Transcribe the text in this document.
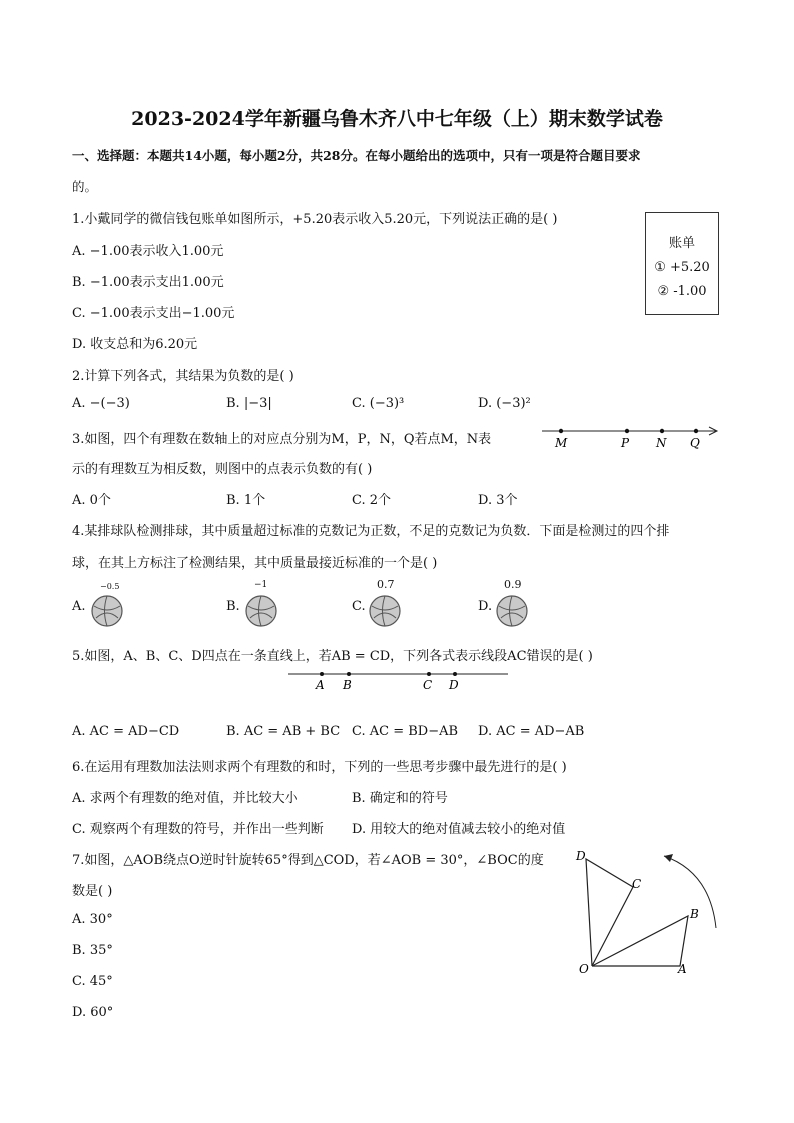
2023-2024学年新疆乌鲁木齐八中七年级（上）期末数学试卷
一、选择题：本题共14小题，每小题2分，共28分。在每小题给出的选项中，只有一项是符合题目要求
的。
1.小戴同学的微信钱包账单如图所示，+5.20表示收入5.20元，下列说法正确的是( )
A. −1.00表示收入1.00元
B. −1.00表示支出1.00元
C. −1.00表示支出−1.00元
D. 收支总和为6.20元
账单
① +5.20
② -1.00
2.计算下列各式，其结果为负数的是( )
A. −(−3)	B. |−3|	C. (−3)³	D. (−3)²
3.如图，四个有理数在数轴上的对应点分别为M，P，N，Q若点M，N表
示的有理数互为相反数，则图中的点表示负数的有( )
M	P N Q
A. 0个	B. 1个	C. 2个	D. 3个
4.某排球队检测排球，其中质量超过标准的克数记为正数，不足的克数记为负数．下面是检测过的四个排
球，在其上方标注了检测结果，其中质量最接近标准的一个是( )
A.
−0.5
B.
−1
C.
0.7
D.
0.9
5.如图，A、B、C、D四点在一条直线上，若AB = CD，下列各式表示线段AC错误的是( )
A B	C D
A. AC = AD−CD	B. AC = AB + BC C. AC = BD−AB D. AC = AD−AB
6.在运用有理数加法法则求两个有理数的和时，下列的一些思考步骤中最先进行的是( )
A. 求两个有理数的绝对值，并比较大小	B. 确定和的符号
C. 观察两个有理数的符号，并作出一些判断 D. 用较大的绝对值减去较小的绝对值
7.如图，△AOB绕点O逆时针旋转65°得到△COD，若∠AOB = 30°，∠BOC的度
数是( )
A. 30°
B. 35°
C. 45°
D. 60°
D
C
B
O	A
